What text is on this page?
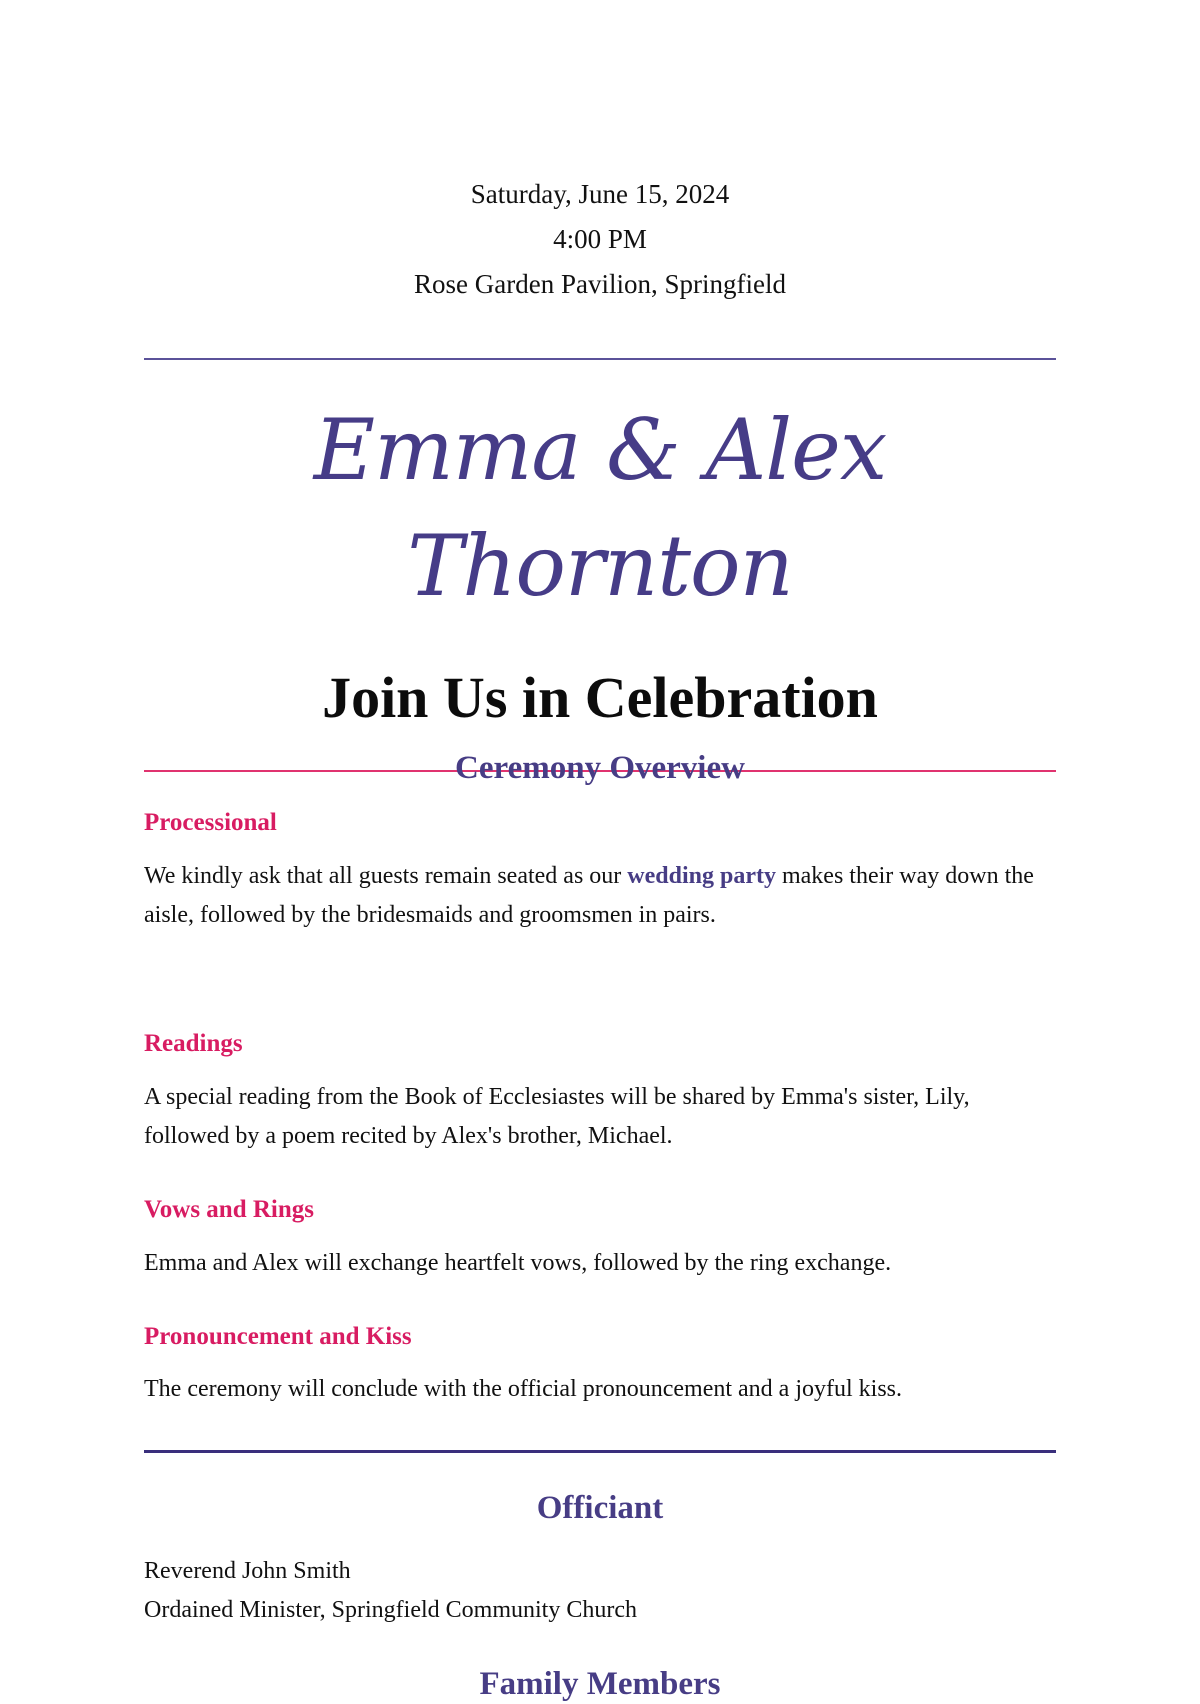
Saturday, June 15, 2024
4:00 PM
Rose Garden Pavilion, Springfield
Emma & Alex
Thornton
Join Us in Celebration
Ceremony Overview
Processional
We kindly ask that all guests remain seated as our wedding party makes their way down the aisle, followed by the bridesmaids and groomsmen in pairs.
Readings
A special reading from the Book of Ecclesiastes will be shared by Emma's sister, Lily, followed by a poem recited by Alex's brother, Michael.
Vows and Rings
Emma and Alex will exchange heartfelt vows, followed by the ring exchange.
Pronouncement and Kiss
The ceremony will conclude with the official pronouncement and a joyful kiss.
Officiant
Reverend John Smith
Ordained Minister, Springfield Community Church
Family Members
